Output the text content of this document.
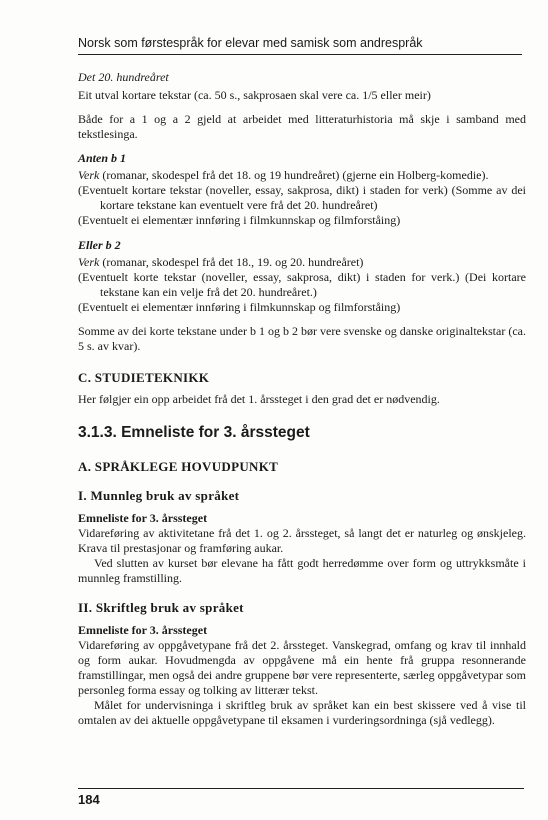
Norsk som førstespråk for elevar med samisk som andrespråk

Det 20. hundreåret

Eit utval kortare tekstar (ca. 50 s., sakprosaen skal vere ca. 1/5 eller meir)

Både for a 1 og a 2 gjeld at arbeidet med litteraturhistoria må skje i samband med tekstlesinga.

Anten b 1

Verk (romanar, skodespel frå det 18. og 19 hundreåret) (gjerne ein Holberg-komedie).

(Eventuelt kortare tekstar (noveller, essay, sakprosa, dikt) i staden for verk) (Somme av dei kortare tekstane kan eventuelt vere frå det 20. hundreåret)

(Eventuelt ei elementær innføring i filmkunnskap og filmforståing)

Eller b 2

Verk (romanar, skodespel frå det 18., 19. og 20. hundreåret)

(Eventuelt korte tekstar (noveller, essay, sakprosa, dikt) i staden for verk.) (Dei kortare tekstane kan ein velje frå det 20. hundreåret.)

(Eventuelt ei elementær innføring i filmkunnskap og filmforståing)

Somme av dei korte tekstane under b 1 og b 2 bør vere svenske og danske originaltekstar (ca. 5 s. av kvar).

C. STUDIETEKNIKK

Her følgjer ein opp arbeidet frå det 1. årssteget i den grad det er nødvendig.

3.1.3. Emneliste for 3. årssteget

A. SPRÅKLEGE HOVUDPUNKT

I. Munnleg bruk av språket

Emneliste for 3. årssteget

Vidareføring av aktivitetane frå det 1. og 2. årssteget, så langt det er naturleg og ønskjeleg. Krava til prestasjonar og framføring aukar.

Ved slutten av kurset bør elevane ha fått godt herredømme over form og uttrykksmåte i munnleg framstilling.

II. Skriftleg bruk av språket

Emneliste for 3. årssteget

Vidareføring av oppgåvetypane frå det 2. årssteget. Vanskegrad, omfang og krav til innhald og form aukar. Hovudmengda av oppgåvene må ein hente frå gruppa resonnerande framstillingar, men også dei andre gruppene bør vere representerte, særleg oppgåvetypar som personleg forma essay og tolking av litterær tekst.

Målet for undervisninga i skriftleg bruk av språket kan ein best skissere ved å vise til omtalen av dei aktuelle oppgåvetypane til eksamen i vurderingsordninga (sjå vedlegg).

184
